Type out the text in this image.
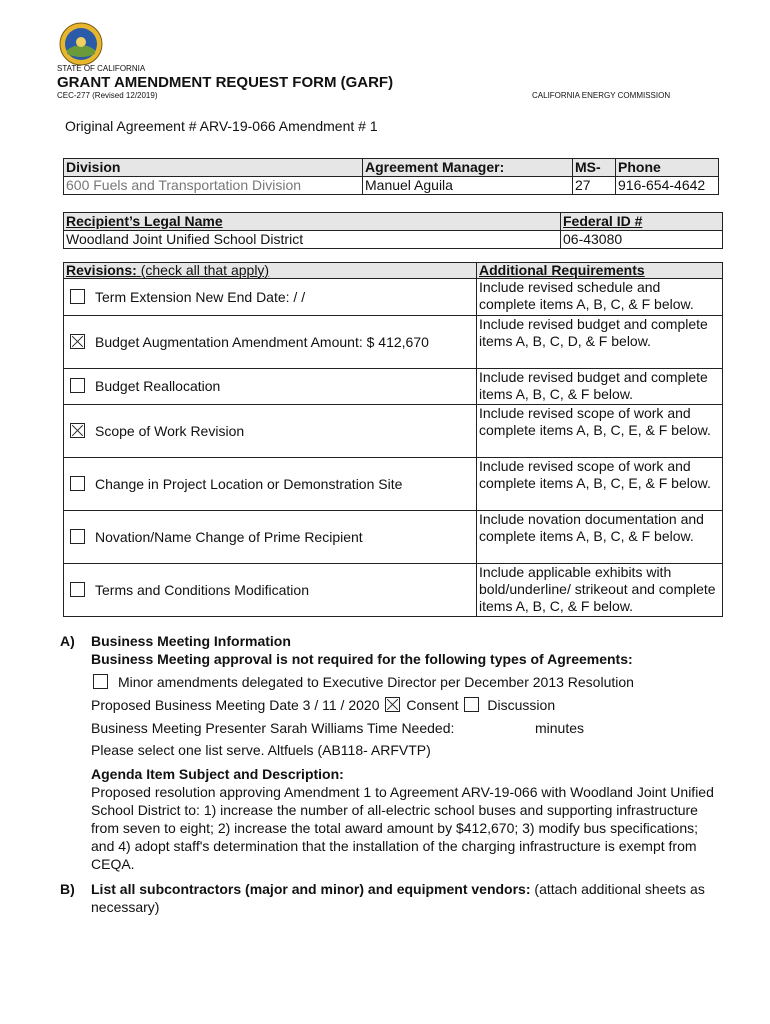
STATE OF CALIFORNIA
GRANT AMENDMENT REQUEST FORM (GARF)
CEC-277 (Revised 12/2019)	CALIFORNIA ENERGY COMMISSION
Original Agreement # ARV-19-066 Amendment # 1
Division	Agreement Manager:	MS-	Phone
600 Fuels and Transportation Division	Manuel Aguila	27	916-654-4642
Recipient’s Legal Name	Federal ID #
Woodland Joint Unified School District	06-43080
Revisions: (check all that apply)	Additional Requirements
Term Extension New End Date: / /	Include revised schedule and complete items A, B, C, & F below.
Budget Augmentation Amendment Amount: $ 412,670	Include revised budget and complete items A, B, C, D, & F below.
Budget Reallocation	Include revised budget and complete items A, B, C, & F below.
Scope of Work Revision	Include revised scope of work and complete items A, B, C, E, & F below.
Change in Project Location or Demonstration Site	Include revised scope of work and complete items A, B, C, E, & F below.
Novation/Name Change of Prime Recipient	Include novation documentation and complete items A, B, C, & F below.
Terms and Conditions Modification	Include applicable exhibits with bold/underline/ strikeout and complete items A, B, C, & F below.
A) Business Meeting Information
Business Meeting approval is not required for the following types of Agreements:
Minor amendments delegated to Executive Director per December 2013 Resolution
Proposed Business Meeting Date 3 / 11 / 2020 Consent Discussion
Business Meeting Presenter Sarah Williams Time Needed:	minutes
Please select one list serve. Altfuels (AB118- ARFVTP)
Agenda Item Subject and Description:
Proposed resolution approving Amendment 1 to Agreement ARV-19-066 with Woodland Joint Unified School District to: 1) increase the number of all-electric school buses and supporting infrastructure from seven to eight; 2) increase the total award amount by $412,670; 3) modify bus specifications; and 4) adopt staff's determination that the installation of the charging infrastructure is exempt from CEQA.
B) List all subcontractors (major and minor) and equipment vendors: (attach additional sheets as necessary)
